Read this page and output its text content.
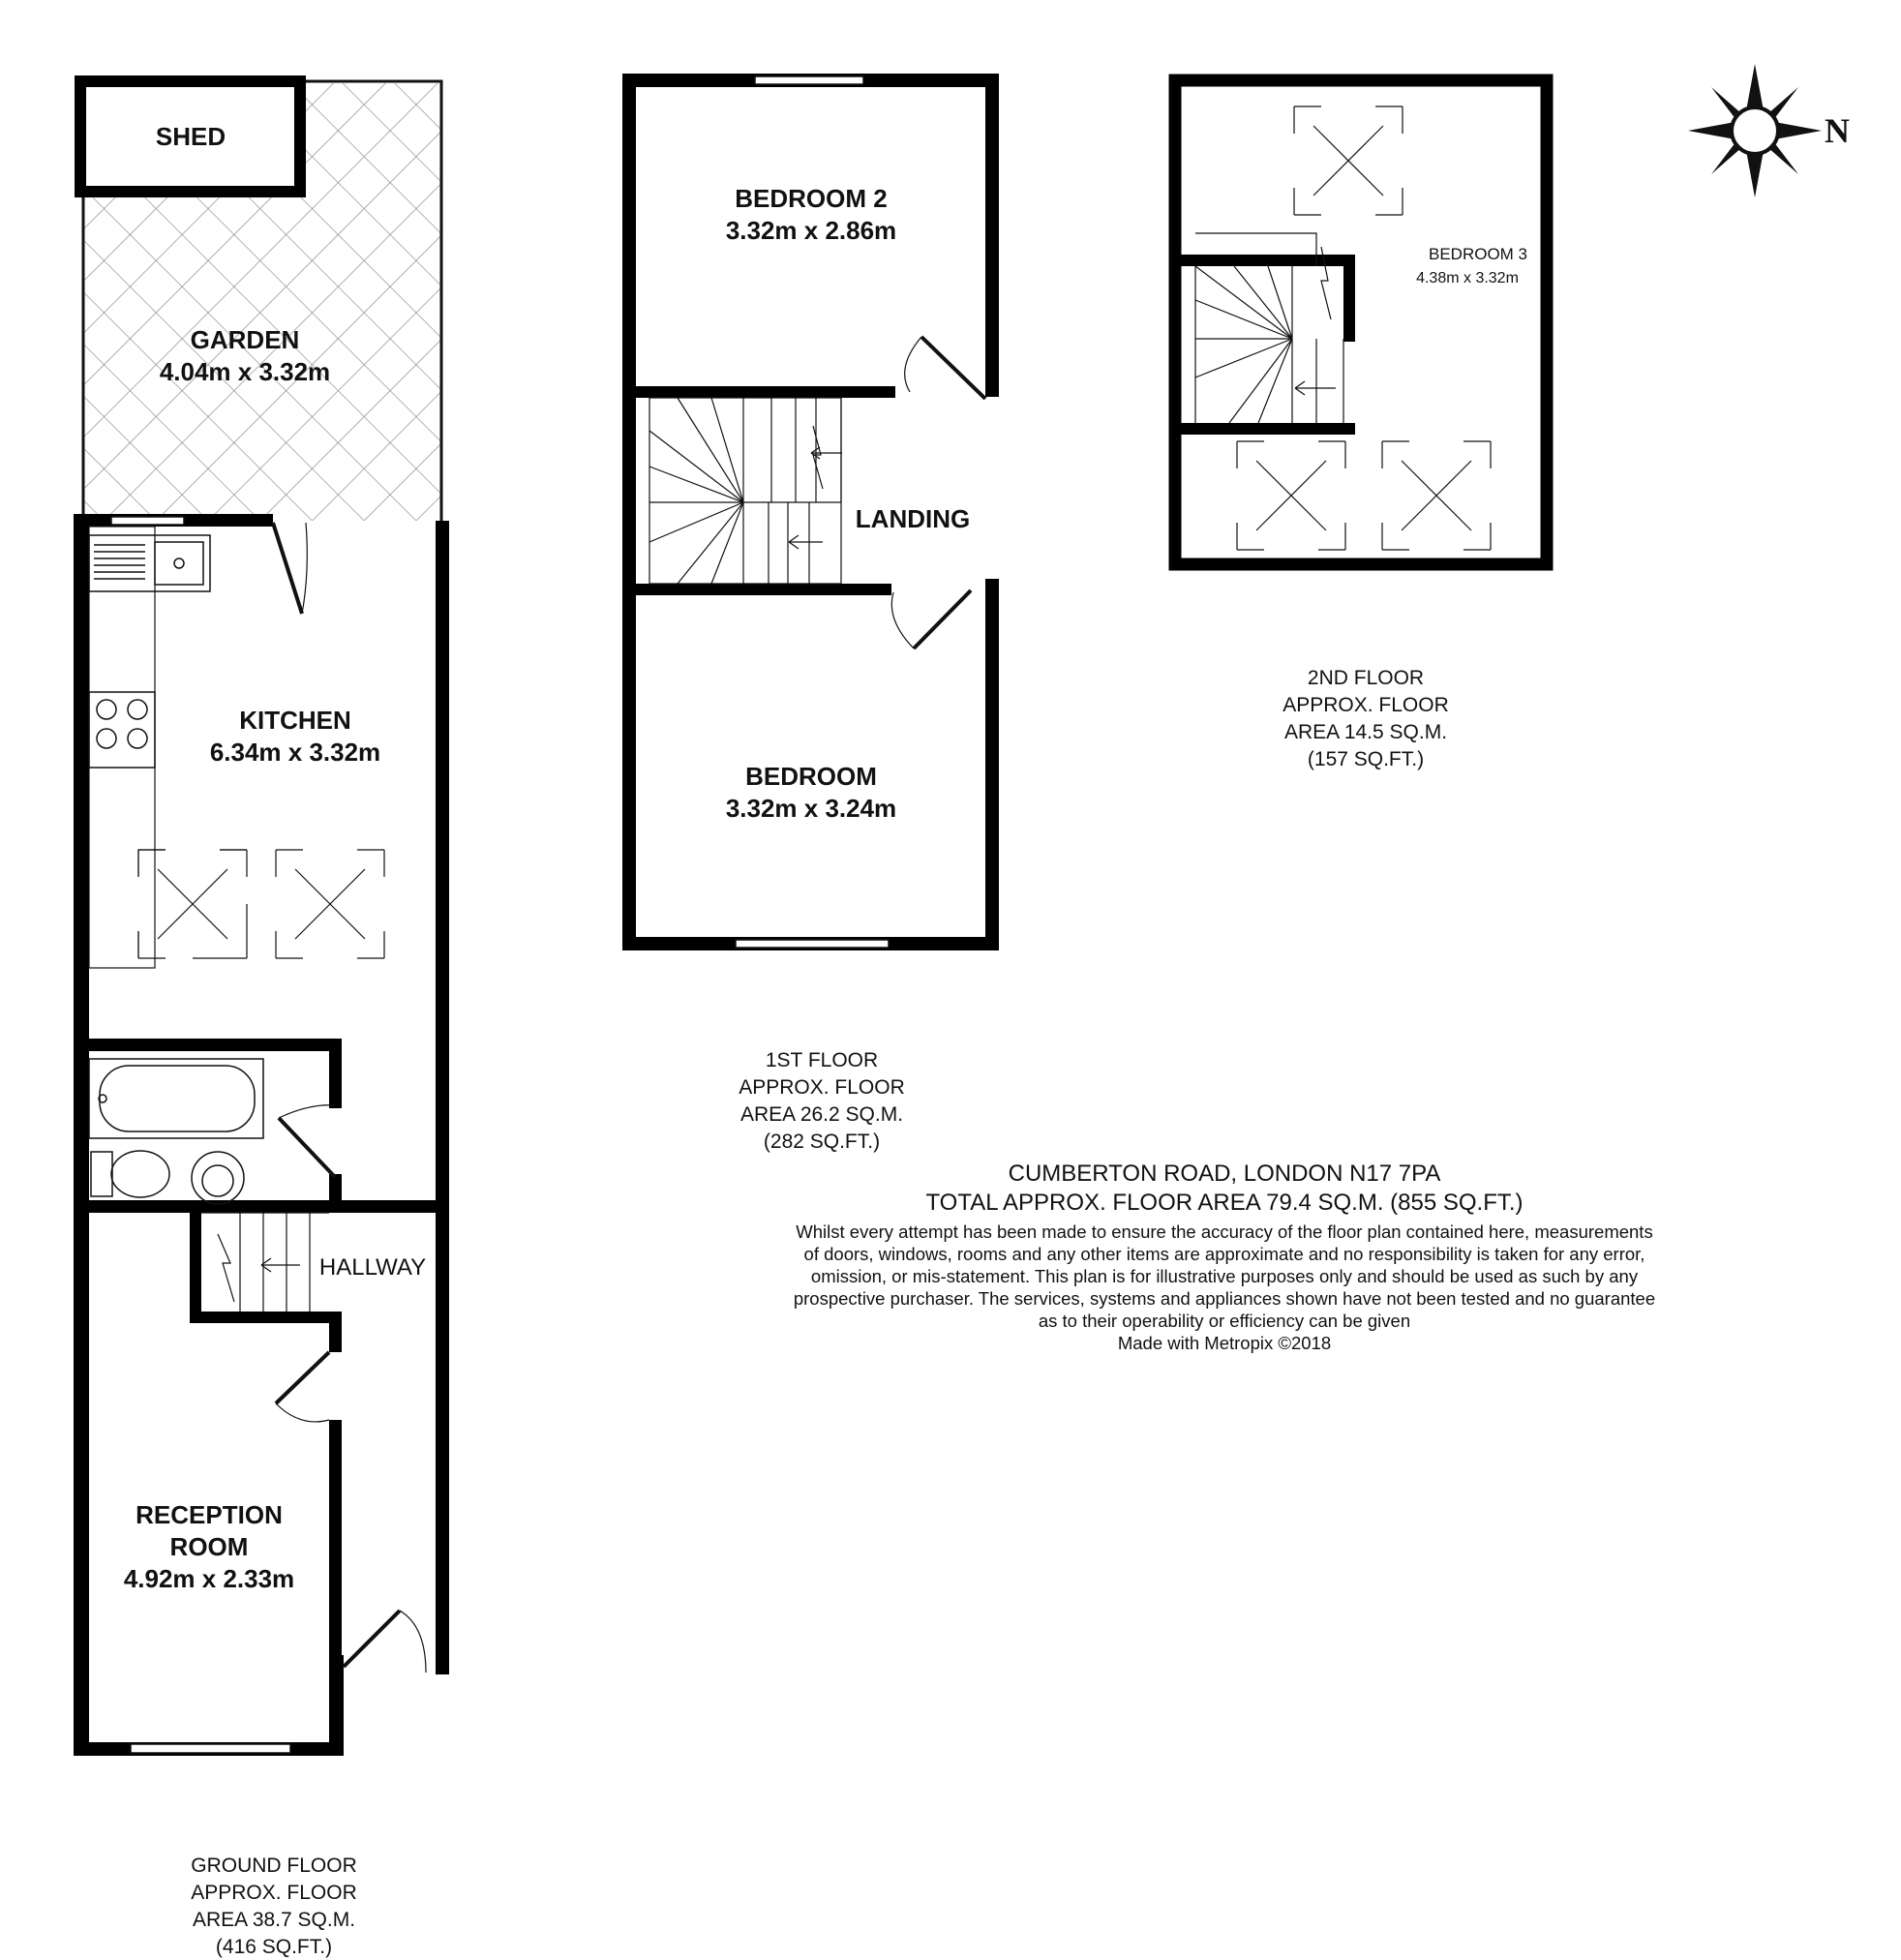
SHED
GARDEN
4.04m x 3.32m
KITCHEN
6.34m x 3.32m
HALLWAY
RECEPTION
ROOM
4.92m x 2.33m
GROUND FLOOR
APPROX. FLOOR
AREA 38.7 SQ.M.
(416 SQ.FT.)
BEDROOM 2
3.32m x 2.86m
LANDING
BEDROOM
3.32m x 3.24m
1ST FLOOR
APPROX. FLOOR
AREA 26.2 SQ.M.
(282 SQ.FT.)
BEDROOM 3
4.38m x 3.32m
2ND FLOOR
APPROX. FLOOR
AREA 14.5 SQ.M.
(157 SQ.FT.)
N
CUMBERTON ROAD, LONDON N17 7PA
TOTAL APPROX. FLOOR AREA 79.4 SQ.M. (855 SQ.FT.)
Whilst every attempt has been made to ensure the accuracy of the floor plan contained here, measurements
of doors, windows, rooms and any other items are approximate and no responsibility is taken for any error,
omission, or mis-statement. This plan is for illustrative purposes only and should be used as such by any
prospective purchaser. The services, systems and appliances shown have not been tested and no guarantee
as to their operability or efficiency can be given
Made with Metropix ©2018
